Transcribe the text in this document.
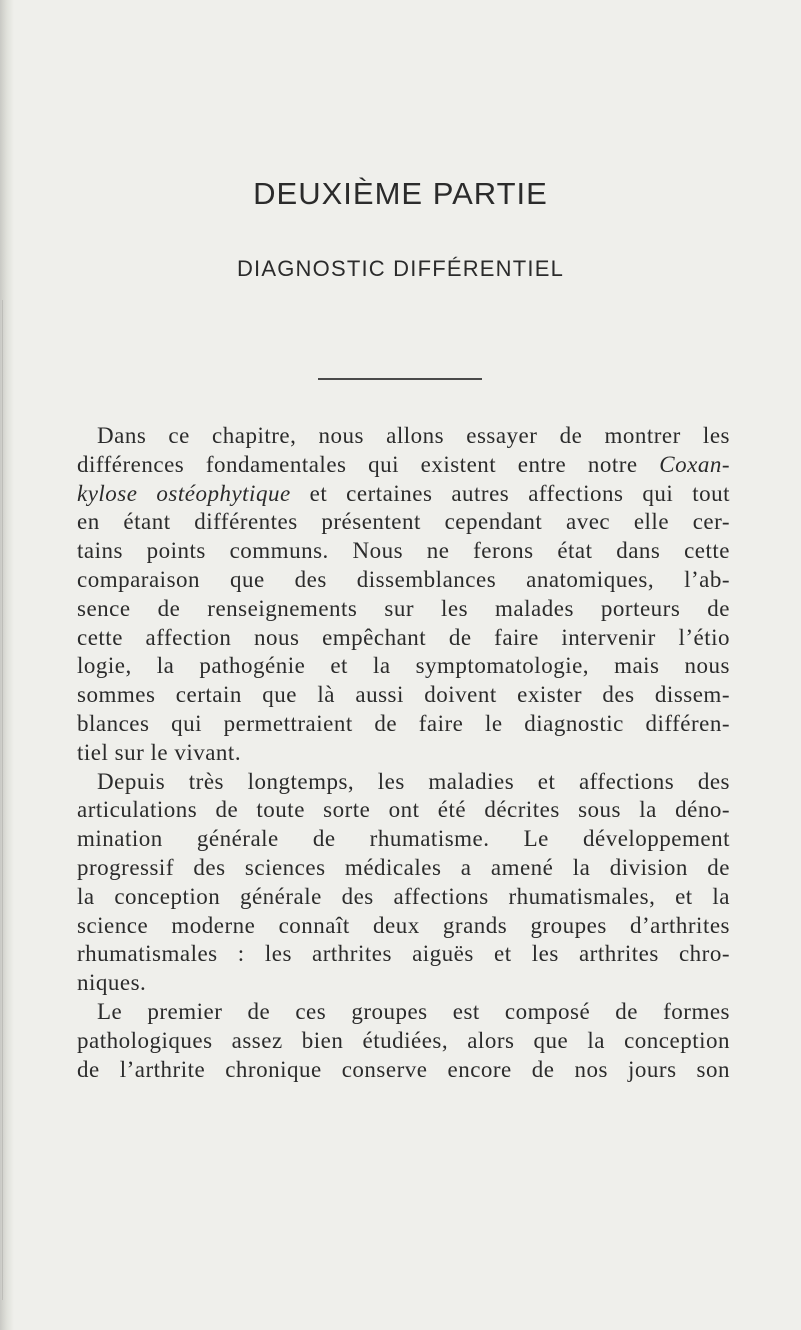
DEUXIÈME PARTIE
DIAGNOSTIC DIFFÉRENTIEL
Dans ce chapitre, nous allons essayer de montrer les
différences fondamentales qui existent entre notre Coxan-
kylose ostéophytique et certaines autres affections qui tout
en étant différentes présentent cependant avec elle cer-
tains points communs. Nous ne ferons état dans cette
comparaison que des dissemblances anatomiques, l’ab-
sence de renseignements sur les malades porteurs de
cette affection nous empêchant de faire intervenir l’étio
logie, la pathogénie et la symptomatologie, mais nous
sommes certain que là aussi doivent exister des dissem-
blances qui permettraient de faire le diagnostic différen-
tiel sur le vivant.
Depuis très longtemps, les maladies et affections des
articulations de toute sorte ont été décrites sous la déno-
mination générale de rhumatisme. Le développement
progressif des sciences médicales a amené la division de
la conception générale des affections rhumatismales, et la
science moderne connaît deux grands groupes d’arthrites
rhumatismales : les arthrites aiguës et les arthrites chro-
niques.
Le premier de ces groupes est composé de formes
pathologiques assez bien étudiées, alors que la conception
de l’arthrite chronique conserve encore de nos jours son
